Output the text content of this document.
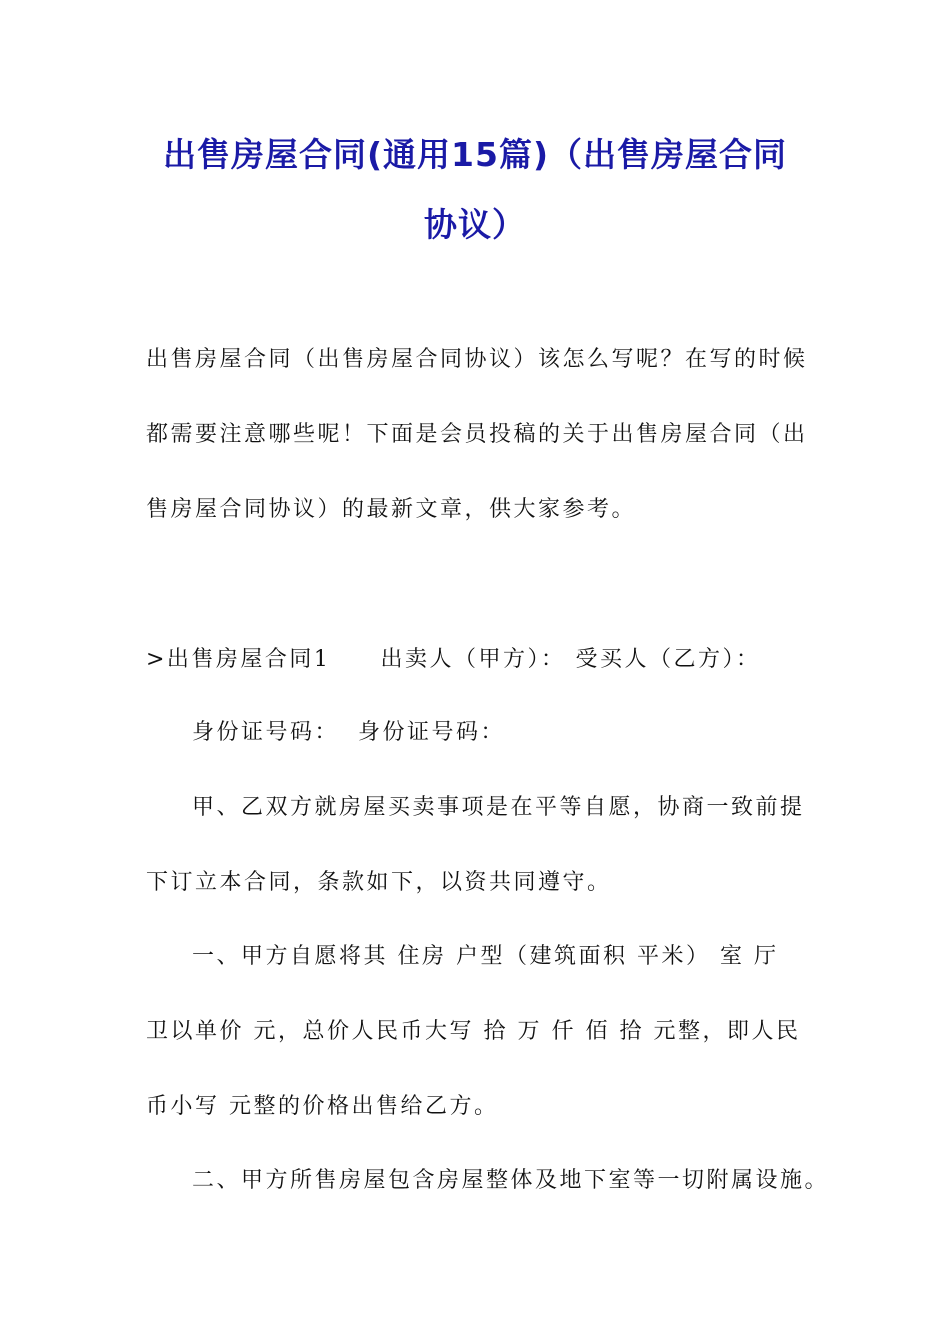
出售房屋合同(通用15篇)（出售房屋合同
协议）
出售房屋合同（出售房屋合同协议）该怎么写呢？在写的时候
都需要注意哪些呢！下面是会员投稿的关于出售房屋合同（出
售房屋合同协议）的最新文章，供大家参考。
>出售房屋合同1 出卖人（甲方）： 受买人（乙方）：
身份证号码：  身份证号码：
甲、乙双方就房屋买卖事项是在平等自愿，协商一致前提
下订立本合同，条款如下，以资共同遵守。
一、甲方自愿将其 住房 户型（建筑面积 平米） 室 厅
卫以单价 元，总价人民币大写 拾 万 仟 佰 拾 元整，即人民
币小写 元整的价格出售给乙方。
二、甲方所售房屋包含房屋整体及地下室等一切附属设施。
